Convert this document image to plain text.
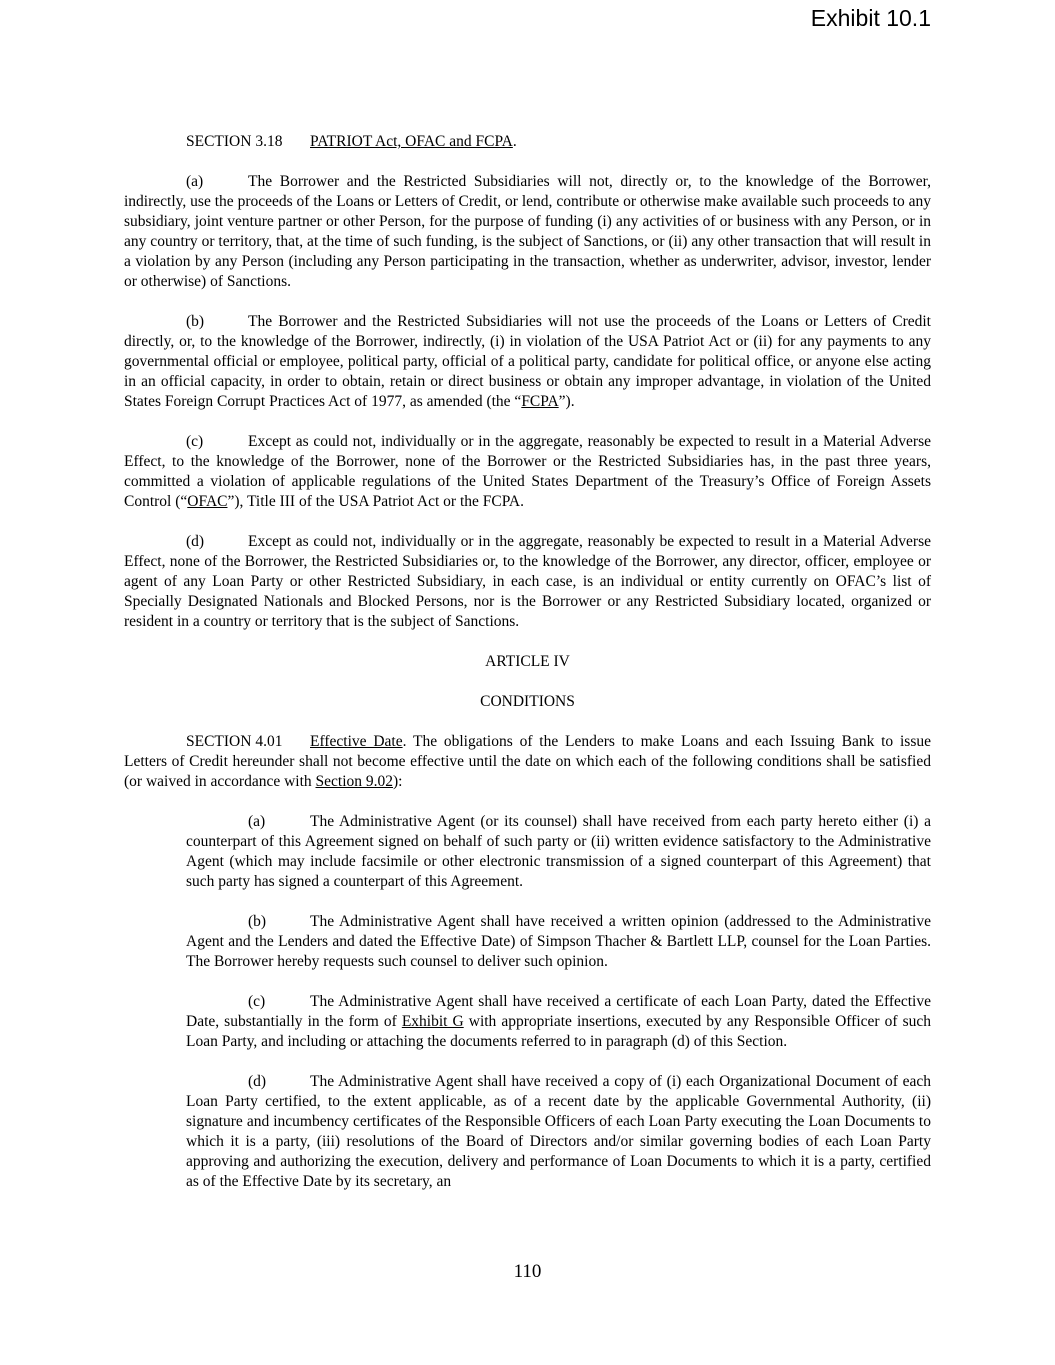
Exhibit 10.1
SECTION 3.18 PATRIOT Act, OFAC and FCPA.

(a)	The Borrower and the Restricted Subsidiaries will not, directly or, to the knowledge of the Borrower, indirectly, use the proceeds of the Loans or Letters of Credit, or lend, contribute or otherwise make available such proceeds to any subsidiary, joint venture partner or other Person, for the purpose of funding (i) any activities of or business with any Person, or in any country or territory, that, at the time of such funding, is the subject of Sanctions, or (ii) any other transaction that will result in a violation by any Person (including any Person participating in the transaction, whether as underwriter, advisor, investor, lender or otherwise) of Sanctions.

(b)	The Borrower and the Restricted Subsidiaries will not use the proceeds of the Loans or Letters of Credit directly, or, to the knowledge of the Borrower, indirectly, (i) in violation of the USA Patriot Act or (ii) for any payments to any governmental official or employee, political party, official of a political party, candidate for political office, or anyone else acting in an official capacity, in order to obtain, retain or direct business or obtain any improper advantage, in violation of the United States Foreign Corrupt Practices Act of 1977, as amended (the “FCPA”).

(c)	Except as could not, individually or in the aggregate, reasonably be expected to result in a Material Adverse Effect, to the knowledge of the Borrower, none of the Borrower or the Restricted Subsidiaries has, in the past three years, committed a violation of applicable regulations of the United States Department of the Treasury’s Office of Foreign Assets Control (“OFAC”), Title III of the USA Patriot Act or the FCPA.

(d)	Except as could not, individually or in the aggregate, reasonably be expected to result in a Material Adverse Effect, none of the Borrower, the Restricted Subsidiaries or, to the knowledge of the Borrower, any director, officer, employee or agent of any Loan Party or other Restricted Subsidiary, in each case, is an individual or entity currently on OFAC’s list of Specially Designated Nationals and Blocked Persons, nor is the Borrower or any Restricted Subsidiary located, organized or resident in a country or territory that is the subject of Sanctions.

ARTICLE IV
CONDITIONS

SECTION 4.01 Effective Date. The obligations of the Lenders to make Loans and each Issuing Bank to issue Letters of Credit hereunder shall not become effective until the date on which each of the following conditions shall be satisfied (or waived in accordance with Section 9.02):

(a)	The Administrative Agent (or its counsel) shall have received from each party hereto either (i) a counterpart of this Agreement signed on behalf of such party or (ii) written evidence satisfactory to the Administrative Agent (which may include facsimile or other electronic transmission of a signed counterpart of this Agreement) that such party has signed a counterpart of this Agreement.

(b)	The Administrative Agent shall have received a written opinion (addressed to the Administrative Agent and the Lenders and dated the Effective Date) of Simpson Thacher & Bartlett LLP, counsel for the Loan Parties. The Borrower hereby requests such counsel to deliver such opinion.

(c)	The Administrative Agent shall have received a certificate of each Loan Party, dated the Effective Date, substantially in the form of Exhibit G with appropriate insertions, executed by any Responsible Officer of such Loan Party, and including or attaching the documents referred to in paragraph (d) of this Section.

(d)	The Administrative Agent shall have received a copy of (i) each Organizational Document of each Loan Party certified, to the extent applicable, as of a recent date by the applicable Governmental Authority, (ii) signature and incumbency certificates of the Responsible Officers of each Loan Party executing the Loan Documents to which it is a party, (iii) resolutions of the Board of Directors and/or similar governing bodies of each Loan Party approving and authorizing the execution, delivery and performance of Loan Documents to which it is a party, certified as of the Effective Date by its secretary, an

110
